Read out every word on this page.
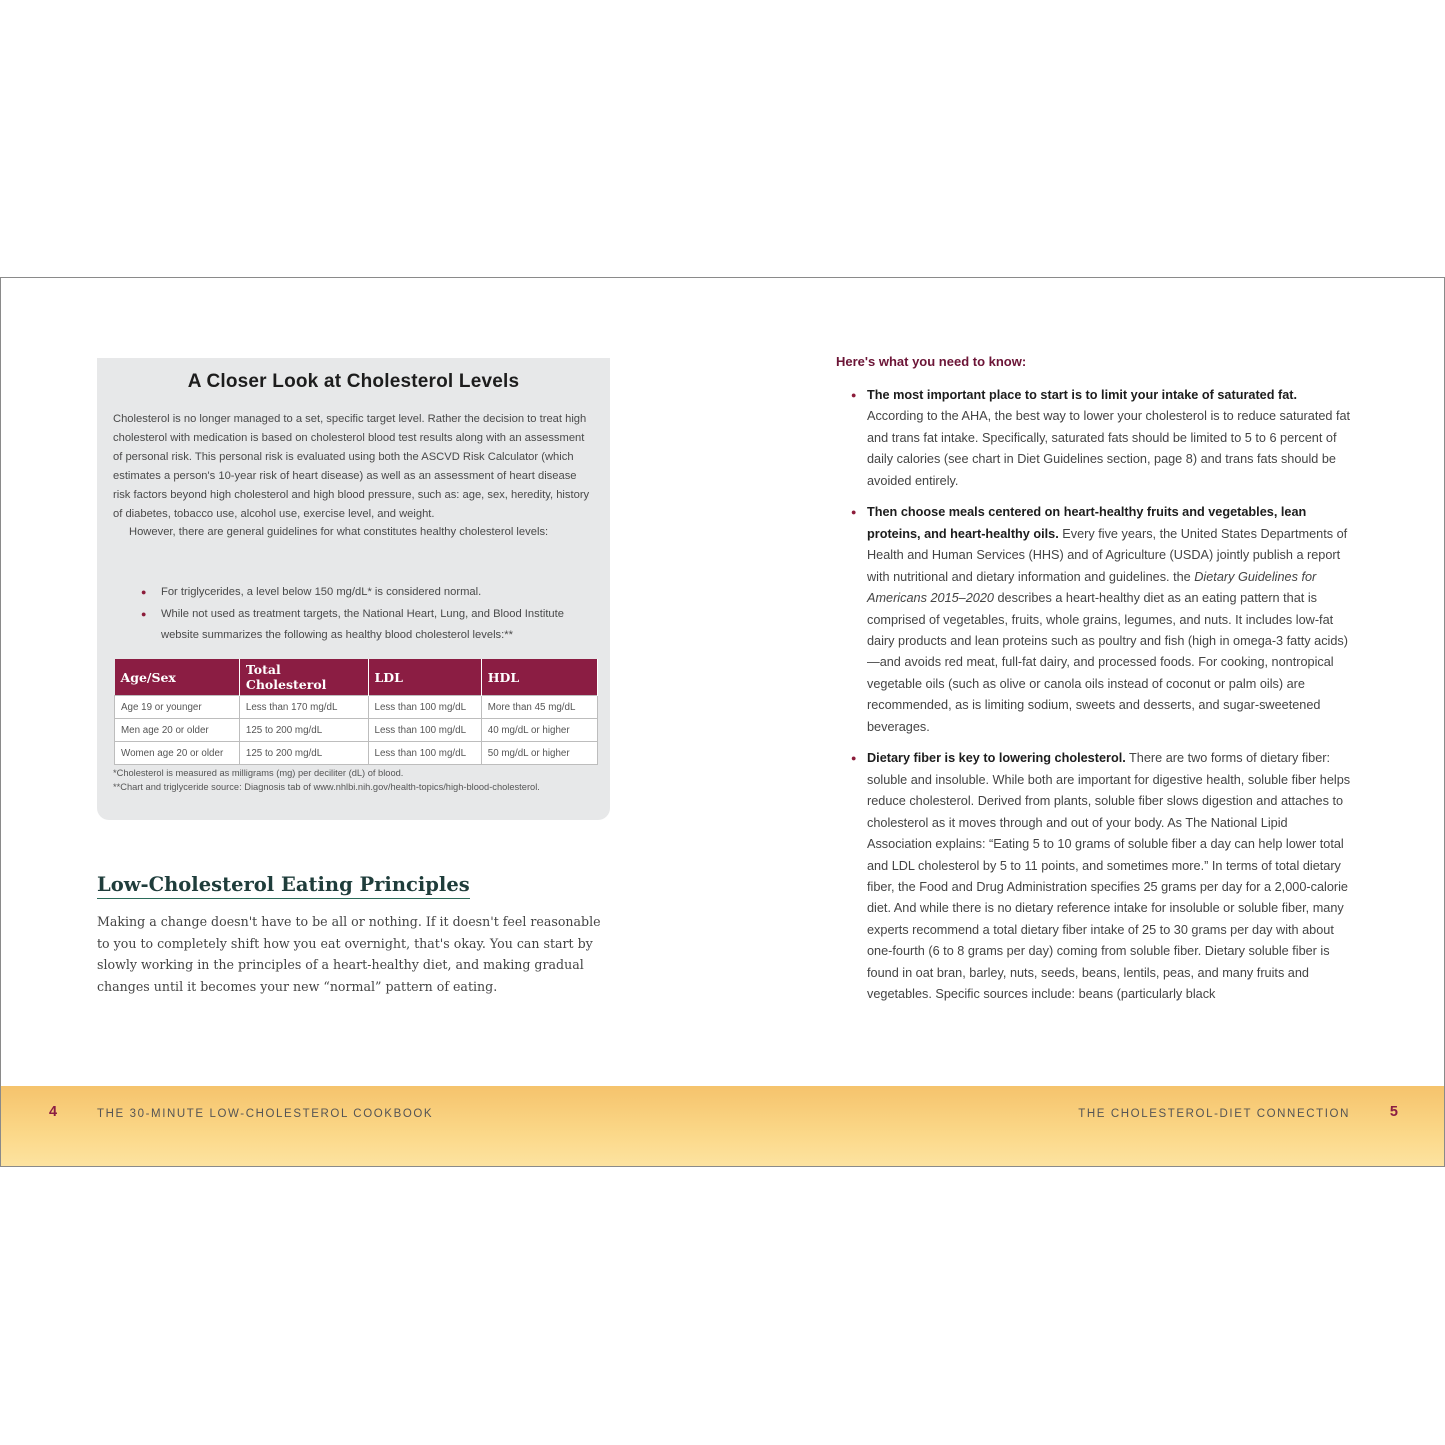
A Closer Look at Cholesterol Levels

Cholesterol is no longer managed to a set, specific target level. Rather the decision to treat high cholesterol with medication is based on cholesterol blood test results along with an assessment of personal risk. This personal risk is evaluated using both the ASCVD Risk Calculator (which estimates a person's 10-year risk of heart disease) as well as an assessment of heart disease risk factors beyond high cholesterol and high blood pressure, such as: age, sex, heredity, history of diabetes, tobacco use, alcohol use, exercise level, and weight.

However, there are general guidelines for what constitutes healthy cholesterol levels:

● For triglycerides, a level below 150 mg/dL* is considered normal.
● While not used as treatment targets, the National Heart, Lung, and Blood Institute website summarizes the following as healthy blood cholesterol levels:**
Age/Sex	Total Cholesterol	LDL	HDL
Age 19 or younger	Less than 170 mg/dL	Less than 100 mg/dL	More than 45 mg/dL
Men age 20 or older	125 to 200 mg/dL	Less than 100 mg/dL	40 mg/dL or higher
Women age 20 or older	125 to 200 mg/dL	Less than 100 mg/dL	50 mg/dL or higher

*Cholesterol is measured as milligrams (mg) per deciliter (dL) of blood.

**Chart and triglyceride source: Diagnosis tab of www.nhlbi.nih.gov/health-topics/high-blood-cholesterol.

Low-Cholesterol Eating Principles

Making a change doesn't have to be all or nothing. If it doesn't feel reasonable to you to completely shift how you eat overnight, that's okay. You can start by slowly working in the principles of a heart-healthy diet, and making gradual changes until it becomes your new “normal” pattern of eating.

Here's what you need to know:
● The most important place to start is to limit your intake of saturated fat. According to the AHA, the best way to lower your cholesterol is to reduce saturated fat and trans fat intake. Specifically, saturated fats should be limited to 5 to 6 percent of daily calories (see chart in Diet Guidelines section, page 8) and trans fats should be avoided entirely.
● Then choose meals centered on heart-healthy fruits and vegetables, lean proteins, and heart-healthy oils. Every five years, the United States Departments of Health and Human Services (HHS) and of Agriculture (USDA) jointly publish a report with nutritional and dietary information and guidelines. the Dietary Guidelines for Americans 2015–2020 describes a heart-healthy diet as an eating pattern that is comprised of vegetables, fruits, whole grains, legumes, and nuts. It includes low-fat dairy products and lean proteins such as poultry and fish (high in omega-3 fatty acids)—and avoids red meat, full-fat dairy, and processed foods. For cooking, nontropical vegetable oils (such as olive or canola oils instead of coconut or palm oils) are recommended, as is limiting sodium, sweets and desserts, and sugar-sweetened beverages.
● Dietary fiber is key to lowering cholesterol. There are two forms of dietary fiber: soluble and insoluble. While both are important for digestive health, soluble fiber helps reduce cholesterol. Derived from plants, soluble fiber slows digestion and attaches to cholesterol as it moves through and out of your body. As The National Lipid Association explains: “Eating 5 to 10 grams of soluble fiber a day can help lower total and LDL cholesterol by 5 to 11 points, and sometimes more.” In terms of total dietary fiber, the Food and Drug Administration specifies 25 grams per day for a 2,000-calorie diet. And while there is no dietary reference intake for insoluble or soluble fiber, many experts recommend a total dietary fiber intake of 25 to 30 grams per day with about one-fourth (6 to 8 grams per day) coming from soluble fiber. Dietary soluble fiber is found in oat bran, barley, nuts, seeds, beans, lentils, peas, and many fruits and vegetables. Specific sources include: beans (particularly black
4	THE 30-MINUTE LOW-CHOLESTEROL COOKBOOK	THE CHOLESTEROL-DIET CONNECTION	5
